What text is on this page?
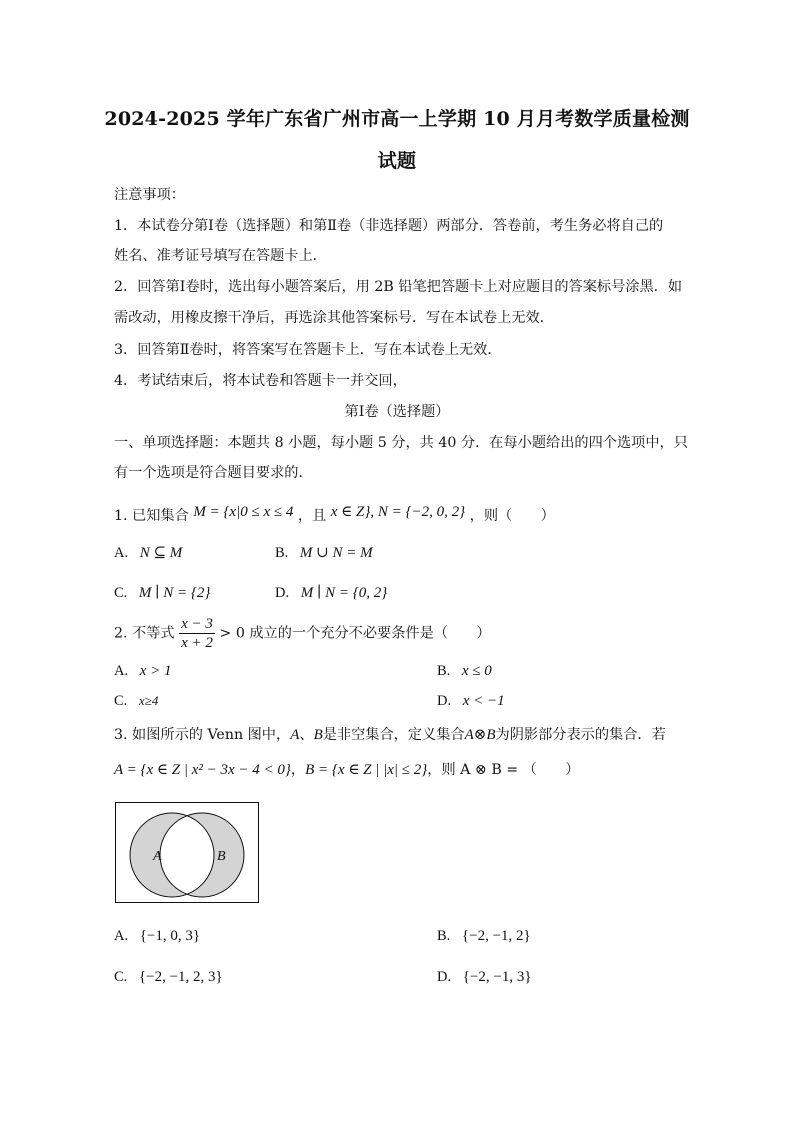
2024-2025 学年广东省广州市高一上学期 10 月月考数学质量检测
试题
注意事项：
1．本试卷分第Ⅰ卷（选择题）和第Ⅱ卷（非选择题）两部分．答卷前，考生务必将自己的
姓名、准考证号填写在答题卡上．
2．回答第Ⅰ卷时，选出每小题答案后，用 2B 铅笔把答题卡上对应题目的答案标号涂黑．如
需改动，用橡皮擦干净后，再选涂其他答案标号．写在本试卷上无效．
3．回答第Ⅱ卷时，将答案写在答题卡上．写在本试卷上无效．
4．考试结束后，将本试卷和答题卡一并交回，
第Ⅰ卷（选择题）
一、单项选择题：本题共 8 小题，每小题 5 分，共 40 分．在每小题给出的四个选项中，只
有一个选项是符合题目要求的．
1. 已知集合 M = {x|0 ≤ x ≤ 4 ，且 x ∈ Z}, N = {−2, 0, 2} ，则（　　）
A. N ⊆ M	B. M ∪ N = M
C. M ∣ N = {2}	D. M ∣ N = {0, 2}
2. 不等式 $\frac{x - 3}{x + 2} > 0$ 成立的一个充分不必要条件是（　　）
A. x > 1	B. x ≤ 0
C. x≥4	D. x < −1
3. 如图所示的 Venn 图中，A、B是非空集合，定义集合A⊗B为阴影部分表示的集合．若
A = {x ∈ Z | x² − 3x − 4 < 0}，B = {x ∈ Z | |x| ≤ 2}，则 A ⊗ B = （　　）
A	B
A. {−1, 0, 3}	B. {−2, −1, 2}
C. {−2, −1, 2, 3}	D. {−2, −1, 3}
